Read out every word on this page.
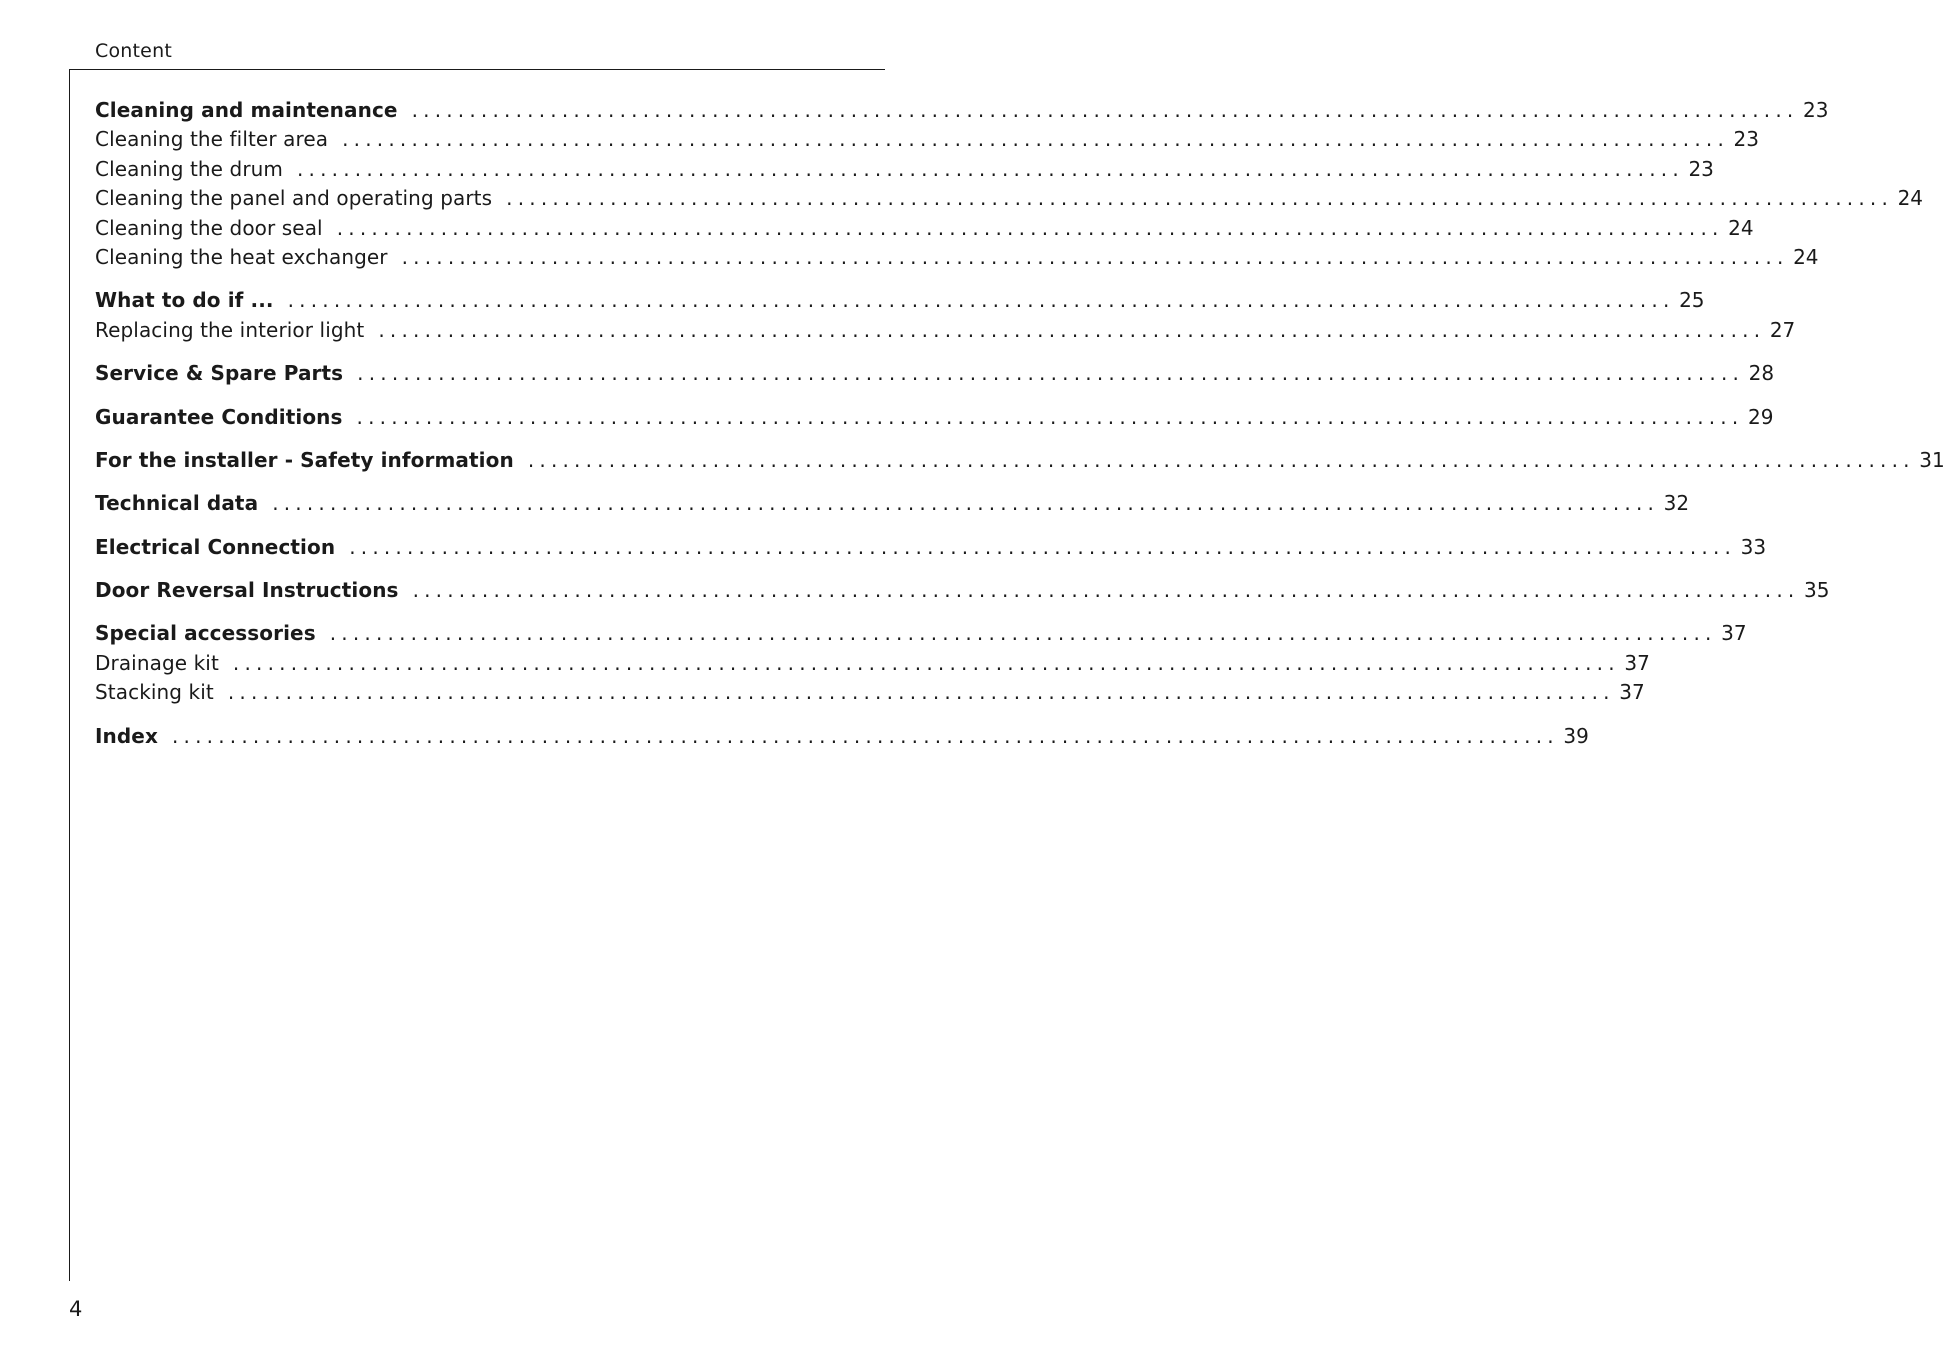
Content
Cleaning and maintenance ........................................................................................................................ 23
Cleaning the filter area ........................................................................................................................ 23
Cleaning the drum ........................................................................................................................ 23
Cleaning the panel and operating parts ........................................................................................................................ 24
Cleaning the door seal ........................................................................................................................ 24
Cleaning the heat exchanger ........................................................................................................................ 24
What to do if ... ........................................................................................................................ 25
Replacing the interior light ........................................................................................................................ 27
Service & Spare Parts ........................................................................................................................ 28
Guarantee Conditions ........................................................................................................................ 29
For the installer - Safety information ........................................................................................................................ 31
Technical data ........................................................................................................................ 32
Electrical Connection ........................................................................................................................ 33
Door Reversal Instructions ........................................................................................................................ 35
Special accessories ........................................................................................................................ 37
Drainage kit ........................................................................................................................ 37
Stacking kit ........................................................................................................................ 37
Index ........................................................................................................................ 39
4
